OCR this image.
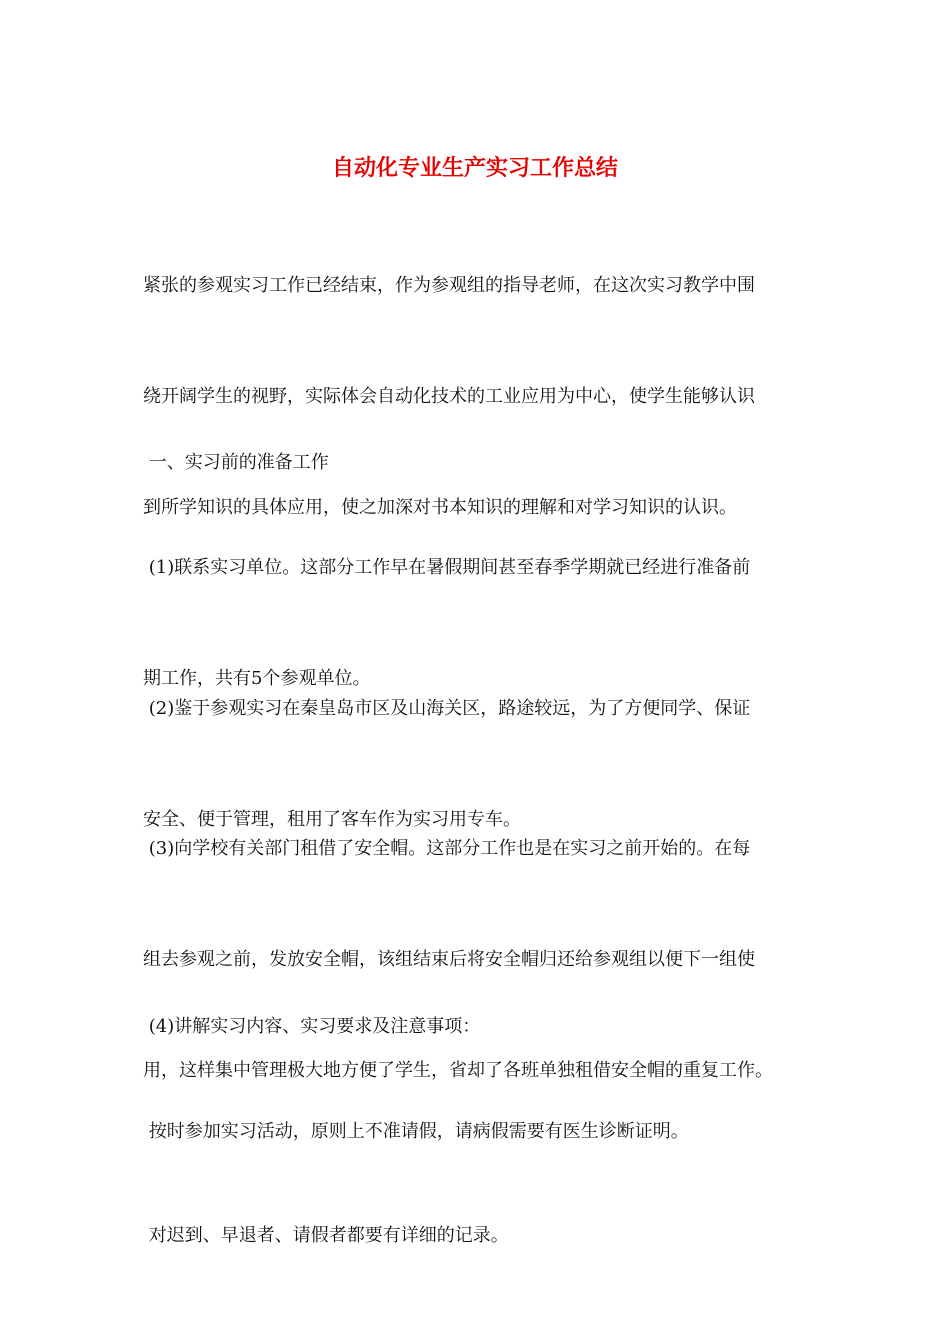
自动化专业生产实习工作总结

紧张的参观实习工作已经结束，作为参观组的指导老师，在这次实习教学中围

绕开阔学生的视野，实际体会自动化技术的工业应用为中心，使学生能够认识

到所学知识的具体应用，使之加深对书本知识的理解和对学习知识的认识。

一、实习前的准备工作

(1)联系实习单位。这部分工作早在暑假期间甚至春季学期就已经进行准备前

期工作，共有5个参观单位。

(2)鉴于参观实习在秦皇岛市区及山海关区，路途较远，为了方便同学、保证

安全、便于管理，租用了客车作为实习用专车。

(3)向学校有关部门租借了安全帽。这部分工作也是在实习之前开始的。在每

组去参观之前，发放安全帽，该组结束后将安全帽归还给参观组以便下一组使

用，这样集中管理极大地方便了学生，省却了各班单独租借安全帽的重复工作。

(4)讲解实习内容、实习要求及注意事项：

按时参加实习活动，原则上不准请假，请病假需要有医生诊断证明。

对迟到、早退者、请假者都要有详细的记录。
